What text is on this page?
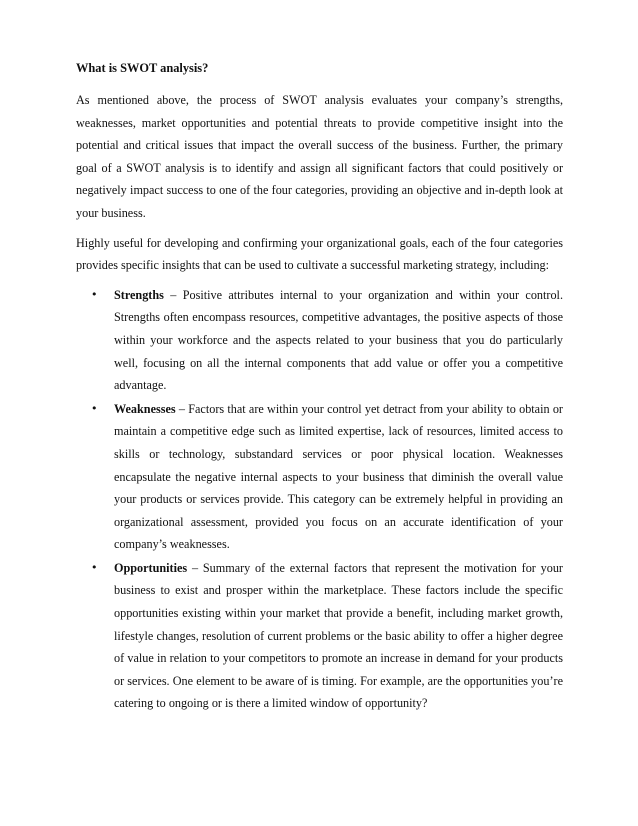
What is SWOT analysis?

As mentioned above, the process of SWOT analysis evaluates your company’s strengths, weaknesses, market opportunities and potential threats to provide competitive insight into the potential and critical issues that impact the overall success of the business. Further, the primary goal of a SWOT analysis is to identify and assign all significant factors that could positively or negatively impact success to one of the four categories, providing an objective and in-depth look at your business.

Highly useful for developing and confirming your organizational goals, each of the four categories provides specific insights that can be used to cultivate a successful marketing strategy, including:

• Strengths – Positive attributes internal to your organization and within your control. Strengths often encompass resources, competitive advantages, the positive aspects of those within your workforce and the aspects related to your business that you do particularly well, focusing on all the internal components that add value or offer you a competitive advantage.
• Weaknesses – Factors that are within your control yet detract from your ability to obtain or maintain a competitive edge such as limited expertise, lack of resources, limited access to skills or technology, substandard services or poor physical location. Weaknesses encapsulate the negative internal aspects to your business that diminish the overall value your products or services provide. This category can be extremely helpful in providing an organizational assessment, provided you focus on an accurate identification of your company’s weaknesses.
• Opportunities – Summary of the external factors that represent the motivation for your business to exist and prosper within the marketplace. These factors include the specific opportunities existing within your market that provide a benefit, including market growth, lifestyle changes, resolution of current problems or the basic ability to offer a higher degree of value in relation to your competitors to promote an increase in demand for your products or services. One element to be aware of is timing. For example, are the opportunities you’re catering to ongoing or is there a limited window of opportunity?
